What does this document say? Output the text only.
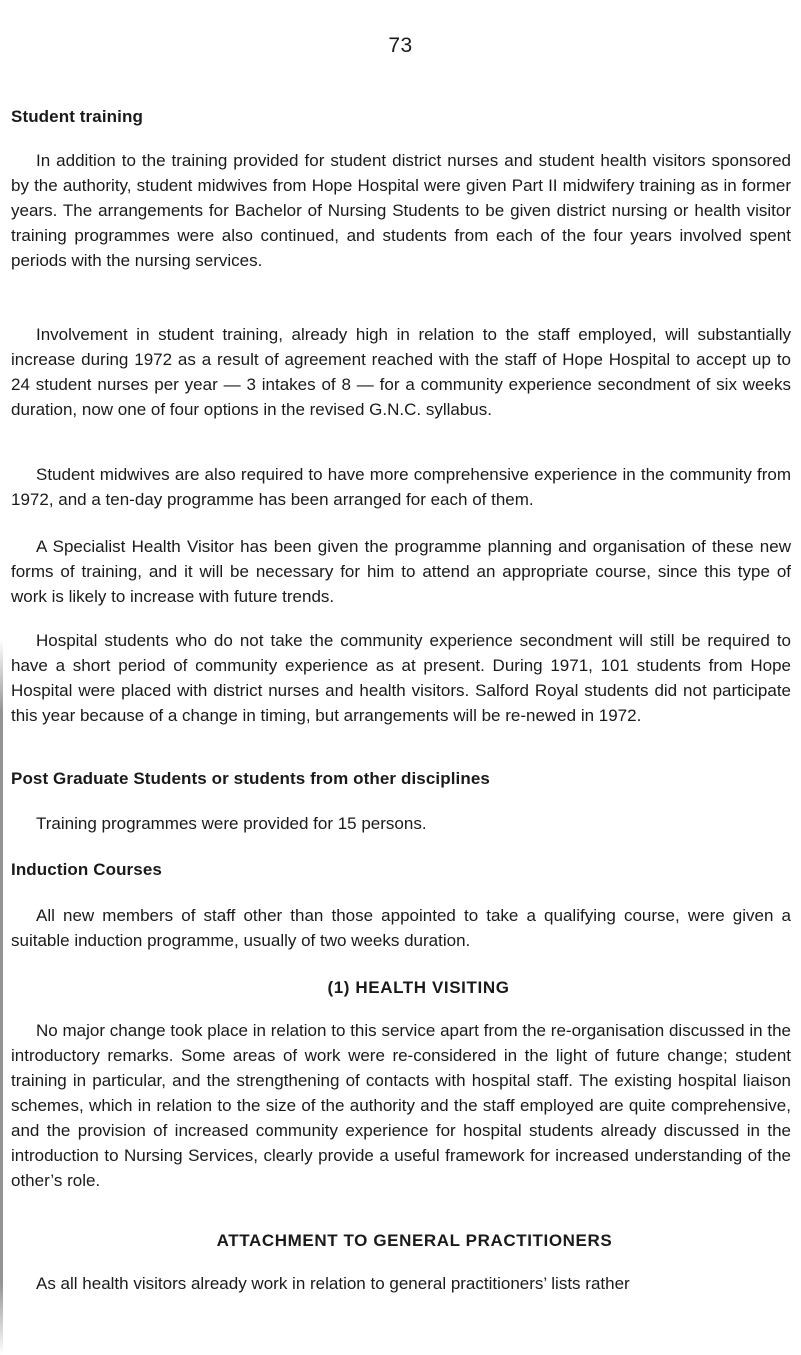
73
Student training

In addition to the training provided for student district nurses and student health visitors sponsored by the authority, student midwives from Hope Hospital were given Part II midwifery training as in former years. The arrangements for Bachelor of Nursing Students to be given district nursing or health visitor training programmes were also continued, and students from each of the four years involved spent periods with the nursing services.

Involvement in student training, already high in relation to the staff employed, will substantially increase during 1972 as a result of agreement reached with the staff of Hope Hospital to accept up to 24 student nurses per year — 3 intakes of 8 — for a community experience secondment of six weeks duration, now one of four options in the revised G.N.C. syllabus.

Student midwives are also required to have more comprehensive experience in the community from 1972, and a ten-day programme has been arranged for each of them.

A Specialist Health Visitor has been given the programme planning and organisation of these new forms of training, and it will be necessary for him to attend an appropriate course, since this type of work is likely to increase with future trends.

Hospital students who do not take the community experience secondment will still be required to have a short period of community experience as at present. During 1971, 101 students from Hope Hospital were placed with district nurses and health visitors. Salford Royal students did not participate this year because of a change in timing, but arrangements will be re-newed in 1972.

Post Graduate Students or students from other disciplines

Training programmes were provided for 15 persons.

Induction Courses

All new members of staff other than those appointed to take a qualifying course, were given a suitable induction programme, usually of two weeks duration.

(1) HEALTH VISITING

No major change took place in relation to this service apart from the re-organisation discussed in the introductory remarks. Some areas of work were re-considered in the light of future change; student training in particular, and the strengthening of contacts with hospital staff. The existing hospital liaison schemes, which in relation to the size of the authority and the staff employed are quite comprehensive, and the provision of increased community experience for hospital students already discussed in the introduction to Nursing Services, clearly provide a useful framework for increased understanding of the other’s role.

ATTACHMENT TO GENERAL PRACTITIONERS

As all health visitors already work in relation to general practitioners’ lists rather
